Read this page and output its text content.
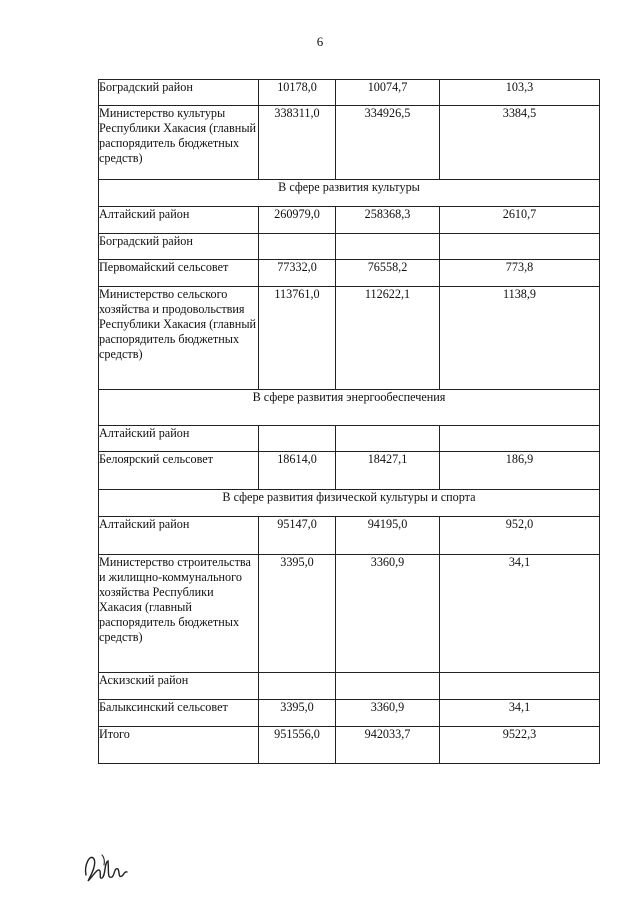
6
Боградский район	10178,0	10074,7	103,3
Министерство культуры Республики Хакасия (главный распорядитель бюджетных средств)	338311,0	334926,5	3384,5
В сфере развития культуры			
Алтайский район	260979,0	258368,3	2610,7
Боградский район			
Первомайский сельсовет	77332,0	76558,2	773,8
Министерство сельского хозяйства и продовольствия Республики Хакасия (главный распорядитель бюджетных средств)	113761,0	112622,1	1138,9
В сфере развития энергообеспечения			
Алтайский район			
Белоярский сельсовет	18614,0	18427,1	186,9
В сфере развития физической культуры и спорта			
Алтайский район	95147,0	94195,0	952,0
Министерство строительства и жилищно-коммунального хозяйства Республики Хакасия (главный распорядитель бюджетных средств)	3395,0	3360,9	34,1
Аскизский район			
Балыксинский сельсовет	3395,0	3360,9	34,1
Итого	951556,0	942033,7	9522,3
